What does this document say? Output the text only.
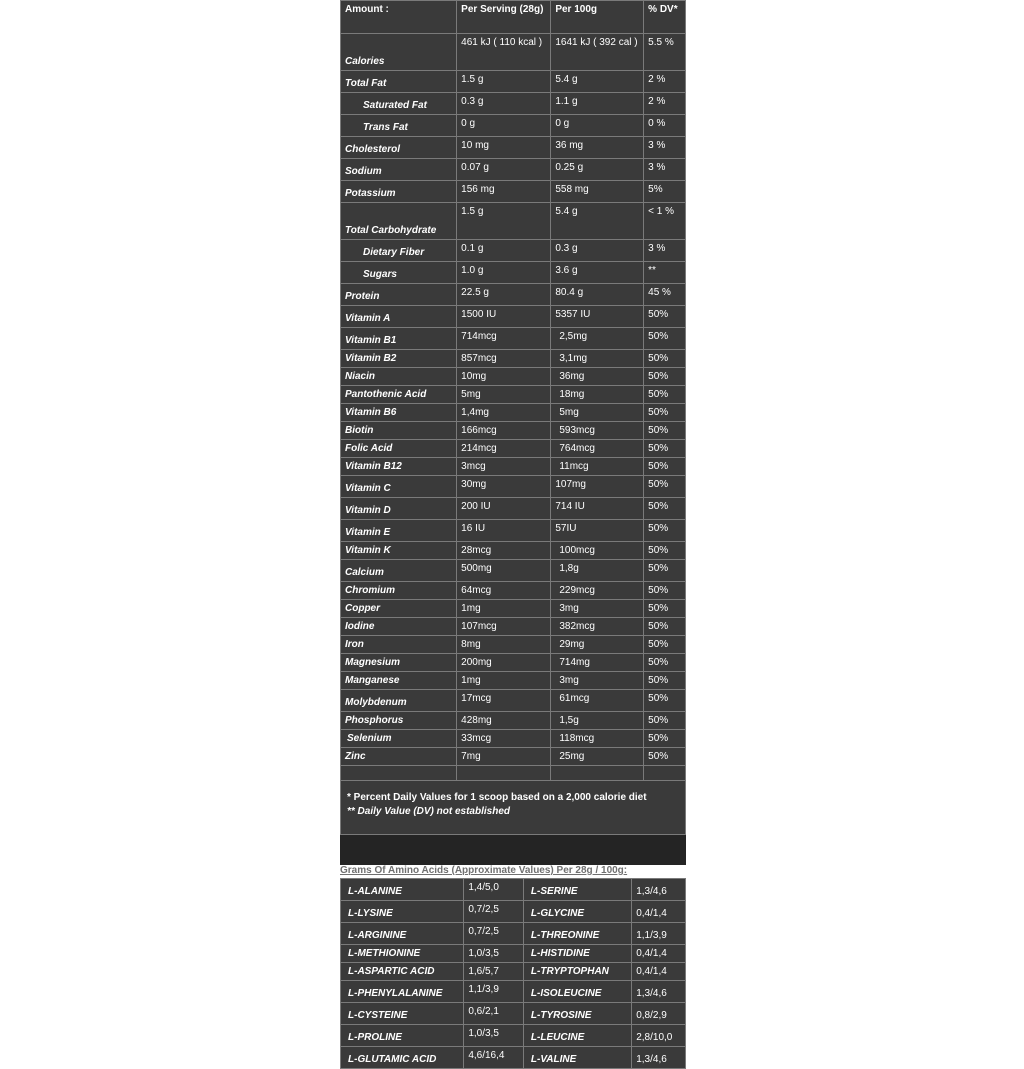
Amount :	Per Serving (28g)	Per 100g	% DV*
Calories	461 kJ ( 110 kcal )	1641 kJ ( 392 cal )	5.5 %
Total Fat	1.5 g	5.4 g	2 %
Saturated Fat	0.3 g	1.1 g	2 %
Trans Fat	0 g	0 g	0 %
Cholesterol	10 mg	36 mg	3 %
Sodium	0.07 g	0.25 g	3 %
Potassium	156 mg	558 mg	5%
Total Carbohydrate	1.5 g	5.4 g	< 1 %
Dietary Fiber	0.1 g	0.3 g	3 %
Sugars	1.0 g	3.6 g	**
Protein	22.5 g	80.4 g	45 %
Vitamin A	1500 IU	5357 IU	50%
Vitamin B1	714mcg	2,5mg	50%
Vitamin B2	857mcg	3,1mg	50%
Niacin	10mg	36mg	50%
Pantothenic Acid	5mg	18mg	50%
Vitamin B6	1,4mg	5mg	50%
Biotin	166mcg	593mcg	50%
Folic Acid	214mcg	764mcg	50%
Vitamin B12	3mcg	11mcg	50%
Vitamin C	30mg	107mg	50%
Vitamin D	200 IU	714 IU	50%
Vitamin E	16 IU	57IU	50%
Vitamin K	28mcg	100mcg	50%
Calcium	500mg	1,8g	50%
Chromium	64mcg	229mcg	50%
Copper	1mg	3mg	50%
Iodine	107mcg	382mcg	50%
Iron	8mg	29mg	50%
Magnesium	200mg	714mg	50%
Manganese	1mg	3mg	50%
Molybdenum	17mcg	61mcg	50%
Phosphorus	428mg	1,5g	50%
Selenium	33mcg	118mcg	50%
Zinc	7mg	25mg	50%

* Percent Daily Values for 1 scoop based on a 2,000 calorie diet
** Daily Value (DV) not established			
Grams Of Amino Acids (Approximate Values) Per 28g / 100g:
L-ALANINE	1,4/5,0	L-SERINE	1,3/4,6
L-LYSINE	0,7/2,5	L-GLYCINE	0,4/1,4
L-ARGININE	0,7/2,5	L-THREONINE	1,1/3,9
L-METHIONINE	1,0/3,5	L-HISTIDINE	0,4/1,4
L-ASPARTIC ACID	1,6/5,7	L-TRYPTOPHAN	0,4/1,4
L-PHENYLALANINE	1,1/3,9	L-ISOLEUCINE	1,3/4,6
L-CYSTEINE	0,6/2,1	L-TYROSINE	0,8/2,9
L-PROLINE	1,0/3,5	L-LEUCINE	2,8/10,0
L-GLUTAMIC ACID	4,6/16,4	L-VALINE	1,3/4,6
